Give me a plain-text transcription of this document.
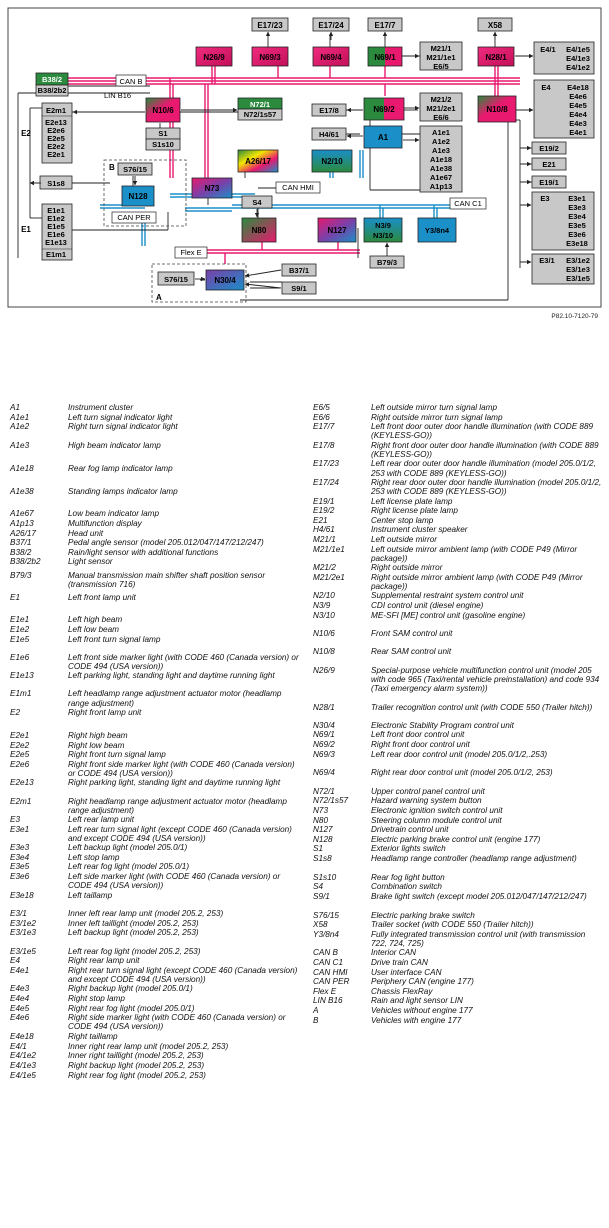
E17/23	E17/24	E17/7	X58
N26/9	N69/3	N69/4	N69/1	N28/1
M21/1
M21/1e1
E6/5
E4/1 E4/1e5
E4/1e3
E4/1e2
B38/2
B38/2b2
CAN B
LIN B16
E2m1
E2e13
E2e6
E2e5
E2e2
E2e1
E2
N10/6
N72/1
N72/1s57	E17/8	N69/2
M21/2
M21/2e1
E6/6
N10/8
E4 E4e18
E4e6
E4e5
E4e4
E4e3
E4e1
S1
S1s10
H4/61	A1
A1e1
A1e2
A1e3
A1e18
A1e38
A1e67
A1p13
E19/2
E21
E19/1
S1s8
B S76/15
N128
CAN PER
A26/17	N2/10
N73	CAN HMI
CAN C1
E3 E3e1
E3e3
E3e4
E3e5
E3e6
E3e18
E1e1
E1e2
E1e5
E1e6
E1e13
E1m1
E1
S4
N80	N127
N3/9
N3/10
Y3/8n4
Flex E
B79/3	E3/1 E3/1e2
E3/1e3
E3/1e5
A
S76/15	N30/4
B37/1
S9/1
P82.10-7120-79
A1	Instrument cluster
A1e1	Left turn signal indicator light
A1e2	Right turn signal indicator light
A1e3	High beam indicator lamp
A1e18	Rear fog lamp indicator lamp
A1e38	Standing lamps indicator lamp
A1e67	Low beam indicator lamp
A1p13	Multifunction display
A26/17	Head unit
B37/1	Pedal angle sensor (model 205.012/047/147/212/247)
B38/2	Rain/light sensor with additional functions
B38/2b2	Light sensor
B79/3	Manual transmission main shifter shaft position sensor (transmission 716)
E1	Left front lamp unit
E1e1	Left high beam
E1e2	Left low beam
E1e5	Left front turn signal lamp
E1e6	Left front side marker light (with CODE 460 (Canada version) or CODE 494 (USA version))
E1e13	Left parking light, standing light and daytime running light
E1m1	Left headlamp range adjustment actuator motor (headlamp range adjustment)
E2	Right front lamp unit
E2e1	Right high beam
E2e2	Right low beam
E2e5	Right front turn signal lamp
E2e6	Right front side marker light (with CODE 460 (Canada version) or CODE 494 (USA version))
E2e13	Right parking light, standing light and daytime running light
E2m1	Right headlamp range adjustment actuator motor (headlamp range adjustment)
E3	Left rear lamp unit
E3e1	Left rear turn signal light (except CODE 460 (Canada version) and except CODE 494 (USA version))
E3e3	Left backup light (model 205.0/1)
E3e4	Left stop lamp
E3e5	Left rear fog light (model 205.0/1)
E3e6	Left side marker light (with CODE 460 (Canada version) or CODE 494 (USA version))
E3e18	Left taillamp
E3/1	Inner left rear lamp unit (model 205.2, 253)
E3/1e2	Inner left taillight (model 205.2, 253)
E3/1e3	Left backup light (model 205.2, 253)
E3/1e5	Left rear fog light (model 205.2, 253)
E4	Right rear lamp unit
E4e1	Right rear turn signal light (except CODE 460 (Canada version) and except CODE 494 (USA version))
E4e3	Right backup light (model 205.0/1)
E4e4	Right stop lamp
E4e5	Right rear fog light (model 205.0/1)
E4e6	Right side marker light (with CODE 460 (Canada version) or CODE 494 (USA version))
E4e18	Right taillamp
E4/1	Inner right rear lamp unit (model 205.2, 253)
E4/1e2	Inner right taillight (model 205.2, 253)
E4/1e3	Right backup light (model 205.2, 253)
E4/1e5	Right rear fog light (model 205.2, 253)
E6/5	Left outside mirror turn signal lamp
E6/6	Right outside mirror turn signal lamp
E17/7	Left front door outer door handle illumination (with CODE 889 (KEYLESS-GO))
E17/8	Right front door outer door handle illumination (with CODE 889 (KEYLESS-GO))
E17/23	Left rear door outer door handle illumination (model 205.0/1/2, 253 with CODE 889 (KEYLESS-GO))
E17/24	Right rear door outer door handle illumination (model 205.0/1/2, 253 with CODE 889 (KEYLESS-GO))
E19/1	Left license plate lamp
E19/2	Right license plate lamp
E21	Center stop lamp
H4/61	Instrument cluster speaker
M21/1	Left outside mirror
M21/1e1	Left outside mirror ambient lamp (with CODE P49 (Mirror package))
M21/2	Right outside mirror
M21/2e1	Right outside mirror ambient lamp (with CODE P49 (Mirror package))
N2/10	Supplemental restraint system control unit
N3/9	CDI control unit (diesel engine)
N3/10	ME-SFI [ME] control unit (gasoline engine)
N10/6	Front SAM control unit
N10/8	Rear SAM control unit
N26/9	Special-purpose vehicle multifunction control unit (model 205 with code 965 (Taxi/rental vehicle preinstallation) and code 934 (Taxi emergency alarm system))
N28/1	Trailer recognition control unit (with CODE 550 (Trailer hitch))
N30/4	Electronic Stability Program control unit
N69/1	Left front door control unit
N69/2	Right front door control unit
N69/3	Left rear door control unit (model 205.0/1/2,.253)
N69/4	Right rear door control unit (model 205.0/1/2, 253)
N72/1	Upper control panel control unit
N72/1s57	Hazard warning system button
N73	Electronic ignition switch control unit
N80	Steering column module control unit
N127	Drivetrain control unit
N128	Electric parking brake control unit (engine 177)
S1	Exterior lights switch
S1s8	Headlamp range controller (headlamp range adjustment)
S1s10	Rear fog light button
S4	Combination switch
S9/1	Brake light switch (except model 205.012/047/147/212/247)
S76/15	Electric parking brake switch
X58	Trailer socket (with CODE 550 (Trailer hitch))
Y3/8n4	Fully integrated transmission control unit (with transmission 722, 724, 725)
CAN B	Interior CAN
CAN C1	Drive train CAN
CAN HMI	User interface CAN
CAN PER	Periphery CAN (engine 177)
Flex E	Chassis FlexRay
LIN B16	Rain and light sensor LIN
A	Vehicles without engine 177
B	Vehicles with engine 177
